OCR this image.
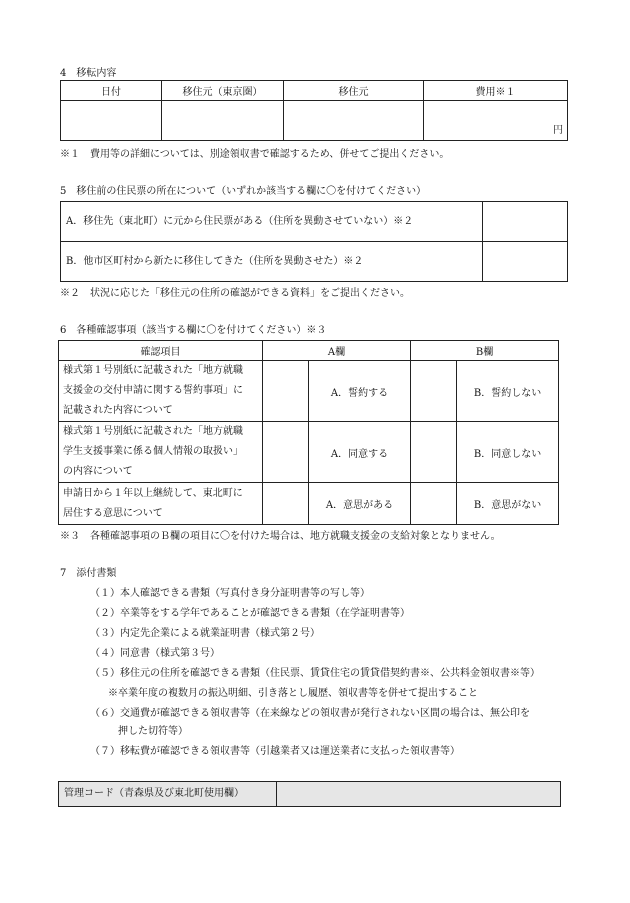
4　移転内容
日付	移住元（東京圏）	移住元	費用※１
			円
※１　費用等の詳細については、別途領収書で確認するため、併せてご提出ください。
5　移住前の住民票の所在について（いずれか該当する欄に〇を付けてください）
A．移住先（東北町）に元から住民票がある（住所を異動させていない）※２	
B．他市区町村から新たに移住してきた（住所を異動させた）※２	
※２　状況に応じた「移住元の住所の確認ができる資料」をご提出ください。
6　各種確認事項（該当する欄に〇を付けてください）※３
確認項目	A欄		B欄	

様式第１号別紙に記載された「地方就職
支援金の交付申請に関する誓約事項」に
記載された内容について		A．誓約する		B．誓約しない

様式第１号別紙に記載された「地方就職
学生支援事業に係る個人情報の取扱い」
の内容について		A．同意する		B．同意しない

申請日から１年以上継続して、東北町に
居住する意思について		A．意思がある		B．意思がない
※３　各種確認事項のＢ欄の項目に〇を付けた場合は、地方就職支援金の支給対象となりません。
7　添付書類
（１）本人確認できる書類（写真付き身分証明書等の写し等）
（２）卒業等をする学年であることが確認できる書類（在学証明書等）
（３）内定先企業による就業証明書（様式第２号）
（４）同意書（様式第３号）
（５）移住元の住所を確認できる書類（住民票、賃貸住宅の賃貸借契約書※、公共料金領収書※等）
※卒業年度の複数月の振込明細、引き落とし履歴、領収書等を併せて提出すること
（６）交通費が確認できる領収書等（在来線などの領収書が発行されない区間の場合は、無公印を
押した切符等）
（７）移転費が確認できる領収書等（引越業者又は運送業者に支払った領収書等）
管理コード（青森県及び東北町使用欄）	
